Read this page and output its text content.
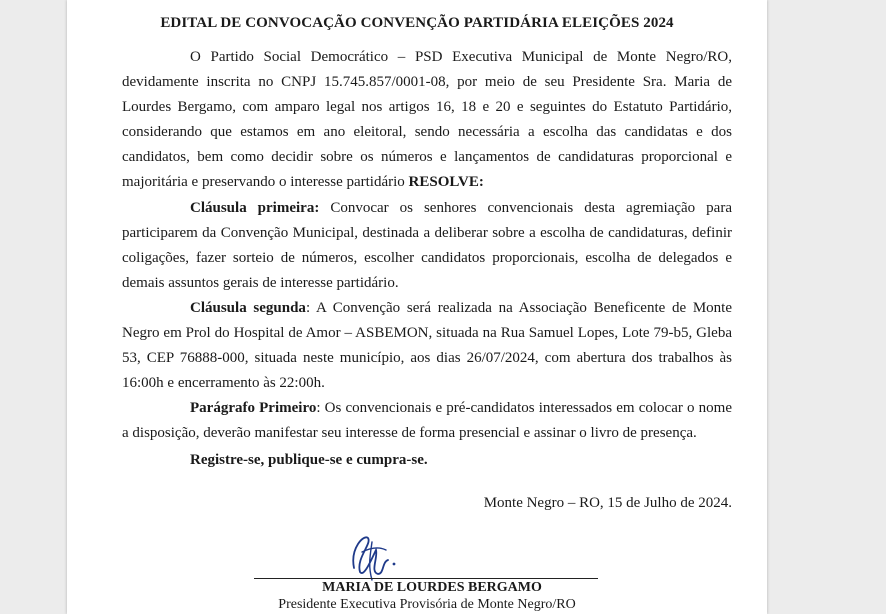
EDITAL DE CONVOCAÇÃO CONVENÇÃO PARTIDÁRIA ELEIÇÕES 2024

O Partido Social Democrático – PSD Executiva Municipal de Monte Negro/RO, devidamente inscrita no CNPJ 15.745.857/0001-08, por meio de seu Presidente Sra. Maria de Lourdes Bergamo, com amparo legal nos artigos 16, 18 e 20 e seguintes do Estatuto Partidário, considerando que estamos em ano eleitoral, sendo necessária a escolha das candidatas e dos candidatos, bem como decidir sobre os números e lançamentos de candidaturas proporcional e majoritária e preservando o interesse partidário RESOLVE:

Cláusula primeira: Convocar os senhores convencionais desta agremiação para participarem da Convenção Municipal, destinada a deliberar sobre a escolha de candidaturas, definir coligações, fazer sorteio de números, escolher candidatos proporcionais, escolha de delegados e demais assuntos gerais de interesse partidário.

Cláusula segunda: A Convenção será realizada na Associação Beneficente de Monte Negro em Prol do Hospital de Amor – ASBEMON, situada na Rua Samuel Lopes, Lote 79-b5, Gleba 53, CEP 76888-000, situada neste município, aos dias 26/07/2024, com abertura dos trabalhos às 16:00h e encerramento às 22:00h.

Parágrafo Primeiro: Os convencionais e pré-candidatos interessados em colocar o nome a disposição, deverão manifestar seu interesse de forma presencial e assinar o livro de presença.

Registre-se, publique-se e cumpra-se.
Monte Negro – RO, 15 de Julho de 2024.
MARIA DE LOURDES BERGAMO
Presidente Executiva Provisória de Monte Negro/RO
